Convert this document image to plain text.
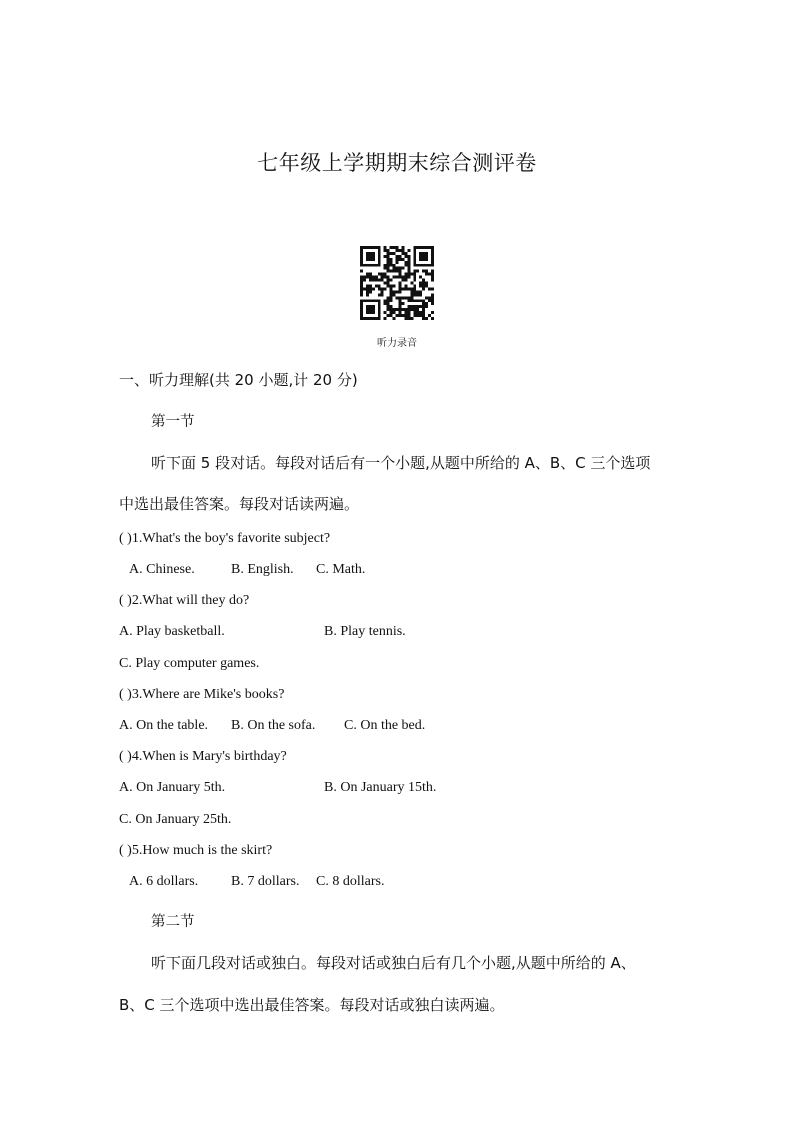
七年级上学期期末综合测评卷
听力录音
一、听力理解(共 20 小题,计 20 分)
第一节
听下面 5 段对话。每段对话后有一个小题,从题中所给的 A、B、C 三个选项
中选出最佳答案。每段对话读两遍。
( )1.What's the boy's favorite subject?
A. Chinese.	B. English. C. Math.
( )2.What will they do?
A. Play basketball.	B. Play tennis.
C. Play computer games.
( )3.Where are Mike's books?
A. On the table. B. On the sofa. C. On the bed.
( )4.When is Mary's birthday?
A. On January 5th.	B. On January 15th.
C. On January 25th.
( )5.How much is the skirt?
A. 6 dollars. B. 7 dollars. C. 8 dollars.
第二节
听下面几段对话或独白。每段对话或独白后有几个小题,从题中所给的 A、
B、C 三个选项中选出最佳答案。每段对话或独白读两遍。
